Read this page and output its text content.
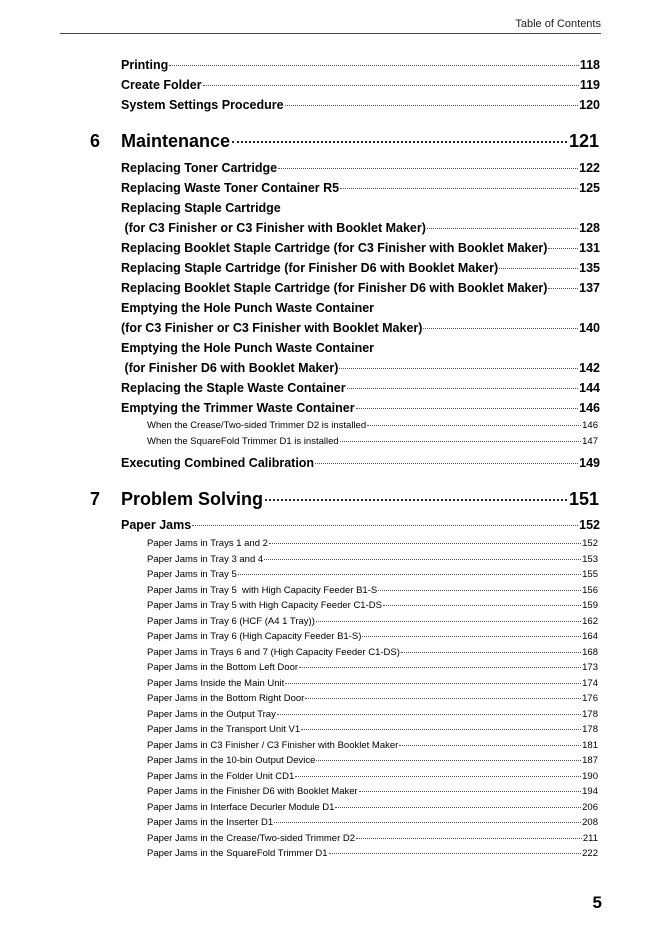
Table of Contents
Printing	118
Create Folder	119
System Settings Procedure	120
6	Maintenance	121
Replacing Toner Cartridge	122
Replacing Waste Toner Container R5	125
Replacing Staple Cartridge
(for C3 Finisher or C3 Finisher with Booklet Maker)	128
Replacing Booklet Staple Cartridge (for C3 Finisher with Booklet Maker)	131
Replacing Staple Cartridge (for Finisher D6 with Booklet Maker)	135
Replacing Booklet Staple Cartridge (for Finisher D6 with Booklet Maker)	137
Emptying the Hole Punch Waste Container
(for C3 Finisher or C3 Finisher with Booklet Maker)	140
Emptying the Hole Punch Waste Container
(for Finisher D6 with Booklet Maker)	142
Replacing the Staple Waste Container	144
Emptying the Trimmer Waste Container	146
When the Crease/Two-sided Trimmer D2 is installed	146
When the SquareFold Trimmer D1 is installed	147
Executing Combined Calibration	149
7	Problem Solving	151
Paper Jams	152
Paper Jams in Trays 1 and 2	152
Paper Jams in Tray 3 and 4	153
Paper Jams in Tray 5	155
Paper Jams in Tray 5  with High Capacity Feeder B1-S	156
Paper Jams in Tray 5 with High Capacity Feeder C1-DS	159
Paper Jams in Tray 6 (HCF (A4 1 Tray))	162
Paper Jams in Tray 6 (High Capacity Feeder B1-S)	164
Paper Jams in Trays 6 and 7 (High Capacity Feeder C1-DS)	168
Paper Jams in the Bottom Left Door	173
Paper Jams Inside the Main Unit	174
Paper Jams in the Bottom Right Door	176
Paper Jams in the Output Tray	178
Paper Jams in the Transport Unit V1	178
Paper Jams in C3 Finisher / C3 Finisher with Booklet Maker	181
Paper Jams in the 10-bin Output Device	187
Paper Jams in the Folder Unit CD1	190
Paper Jams in the Finisher D6 with Booklet Maker	194
Paper Jams in Interface Decurler Module D1	206
Paper Jams in the Inserter D1	208
Paper Jams in the Crease/Two-sided Trimmer D2	211
Paper Jams in the SquareFold Trimmer D1	222
5
